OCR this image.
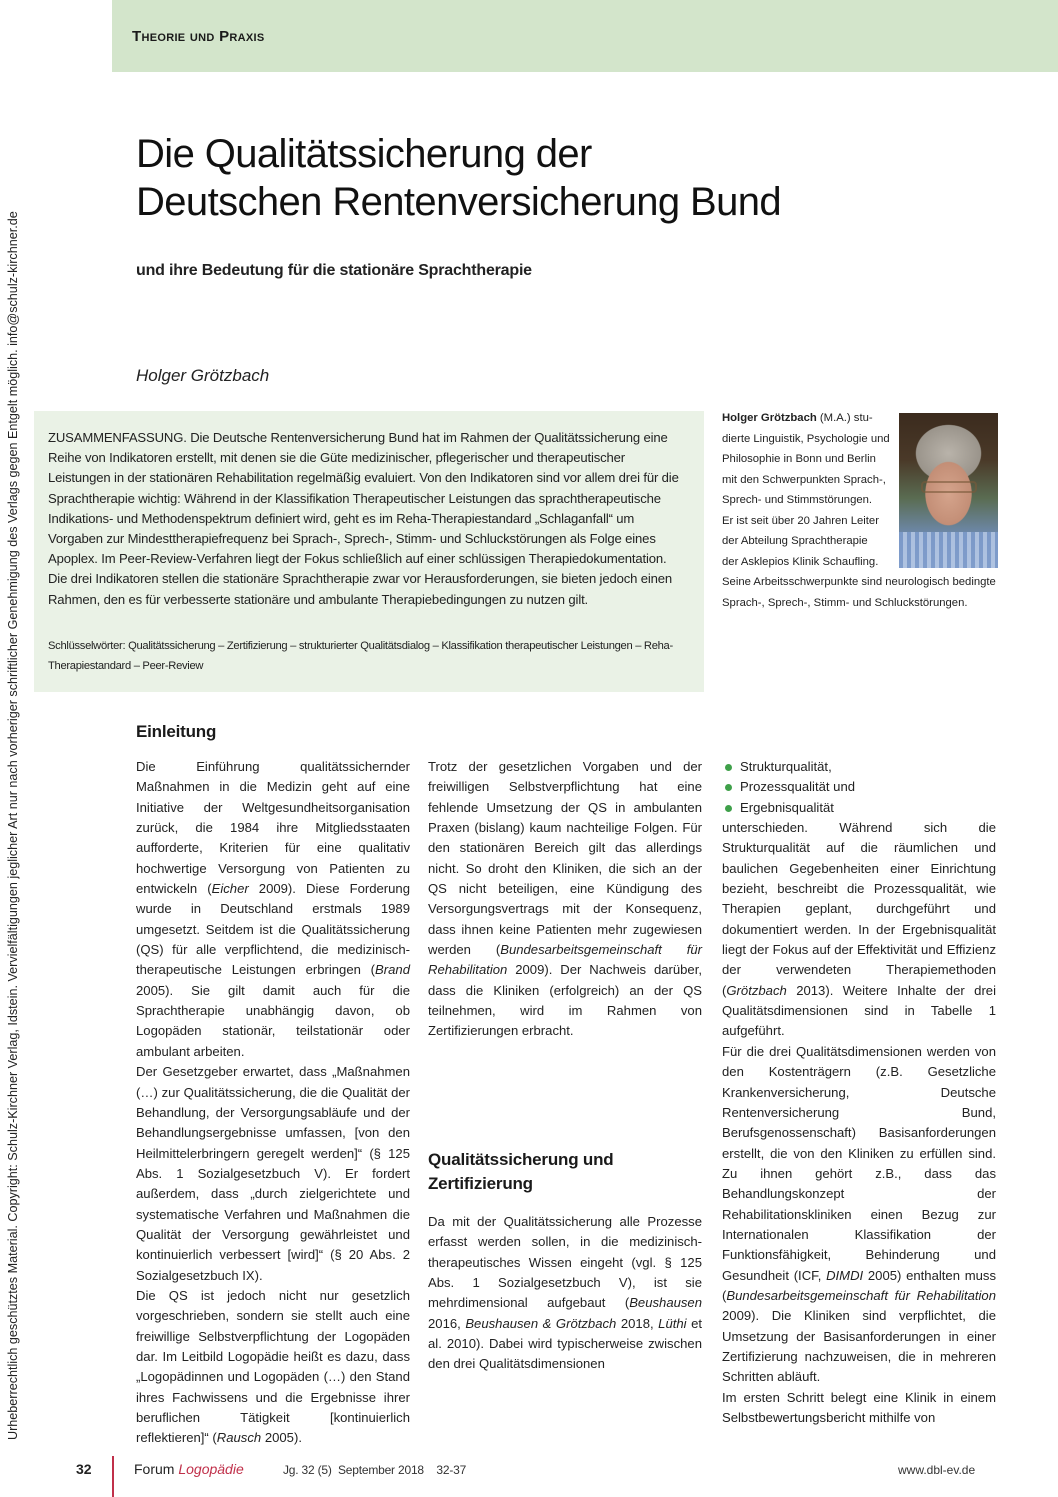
Theorie und Praxis
Urheberrechtlich geschütztes Material. Copyright: Schulz-Kirchner Verlag, Idstein. Vervielfältigungen jeglicher Art nur nach vorheriger schriftlicher Genehmigung des Verlags gegen Entgelt möglich. info@schulz-kirchner.de
Die Qualitätssicherung der
Deutschen Rentenversicherung Bund
und ihre Bedeutung für die stationäre Sprachtherapie
Holger Grötzbach
ZUSAMMENFASSUNG. Die Deutsche Rentenversicherung Bund hat im Rahmen der Qualitätssicherung eine Reihe von Indikatoren erstellt, mit denen sie die Güte medizinischer, pflegerischer und therapeutischer Leistungen in der stationären Rehabilitation regelmäßig evaluiert. Von den Indikatoren sind vor allem drei für die Sprachtherapie wichtig: Während in der Klassifikation Therapeutischer Leistungen das sprachtherapeutische Indikations- und Methodenspektrum definiert wird, geht es im Reha-Therapiestandard „Schlaganfall“ um Vorgaben zur Mindesttherapiefrequenz bei Sprach-, Sprech-, Stimm- und Schluckstörungen als Folge eines Apoplex. Im Peer-Review-Verfahren liegt der Fokus schließlich auf einer schlüssigen Therapiedokumentation. Die drei Indikatoren stellen die stationäre Sprachtherapie zwar vor Herausforderungen, sie bieten jedoch einen Rahmen, den es für verbesserte stationäre und ambulante Therapiebedingungen zu nutzen gilt.
Schlüsselwörter: Qualitätssicherung – Zertifizierung – strukturierter Qualitätsdialog – Klassifikation therapeutischer Leistungen – Reha-Therapiestandard – Peer-Review
Holger Grötzbach (M.A.) stu-
dierte Linguistik, Psychologie und
Philosophie in Bonn und Berlin
mit den Schwerpunkten Sprach-,
Sprech- und Stimmstörungen.
Er ist seit über 20 Jahren Leiter
der Abteilung Sprachtherapie
der Asklepios Klinik Schaufling.
Seine Arbeitsschwerpunkte sind neurologisch bedingte
Sprach-, Sprech-, Stimm- und Schluckstörungen.
Einleitung

Die Einführung qualitätssichernder Maßnahmen in die Medizin geht auf eine Initiative der Weltgesundheitsorganisation zurück, die 1984 ihre Mitgliedsstaaten aufforderte, Kriterien für eine qualitativ hochwertige Versorgung von Patienten zu entwickeln (Eicher 2009). Diese Forderung wurde in Deutschland erstmals 1989 umgesetzt. Seitdem ist die Qualitätssicherung (QS) für alle verpflichtend, die medizinisch-therapeutische Leistungen erbringen (Brand 2005). Sie gilt damit auch für die Sprachtherapie unabhängig davon, ob Logopäden stationär, teilstationär oder ambulant arbeiten.

Der Gesetzgeber erwartet, dass „Maßnahmen (…) zur Qualitätssicherung, die die Qualität der Behandlung, der Versorgungsabläufe und der Behandlungsergebnisse umfassen, [von den Heilmittelerbringern geregelt werden]“ (§ 125 Abs. 1 Sozialgesetzbuch V). Er fordert außerdem, dass „durch zielgerichtete und systematische Verfahren und Maßnahmen die Qualität der Versorgung gewährleistet und kontinuierlich verbessert [wird]“ (§ 20 Abs. 2 Sozialgesetzbuch IX).

Die QS ist jedoch nicht nur gesetzlich vorgeschrieben, sondern sie stellt auch eine freiwillige Selbstverpflichtung der Logopäden dar. Im Leitbild Logopädie heißt es dazu, dass „Logopädinnen und Logopäden (…) den Stand ihres Fachwissens und die Ergebnisse ihrer beruflichen Tätigkeit [kontinuierlich reflektieren]“ (Rausch 2005).

Trotz der gesetzlichen Vorgaben und der freiwilligen Selbstverpflichtung hat eine fehlende Umsetzung der QS in ambulanten Praxen (bislang) kaum nachteilige Folgen. Für den stationären Bereich gilt das allerdings nicht. So droht den Kliniken, die sich an der QS nicht beteiligen, eine Kündigung des Versorgungsvertrags mit der Konsequenz, dass ihnen keine Patienten mehr zugewiesen werden (Bundesarbeitsgemeinschaft für Rehabilitation 2009). Der Nachweis darüber, dass die Kliniken (erfolgreich) an der QS teilnehmen, wird im Rahmen von Zertifizierungen erbracht.

Qualitätssicherung und
Zertifizierung

Da mit der Qualitätssicherung alle Prozesse erfasst werden sollen, in die medizinisch-therapeutisches Wissen eingeht (vgl. § 125 Abs. 1 Sozialgesetzbuch V), ist sie mehrdimensional aufgebaut (Beushausen 2016, Beushausen & Grötzbach 2018, Lüthi et al. 2010). Dabei wird typischerweise zwischen den drei Qualitätsdimensionen

Strukturqualität,
Prozessqualität und
Ergebnisqualität

unterschieden. Während sich die Strukturqualität auf die räumlichen und baulichen Gegebenheiten einer Einrichtung bezieht, beschreibt die Prozessqualität, wie Therapien geplant, durchgeführt und dokumentiert werden. In der Ergebnisqualität liegt der Fokus auf der Effektivität und Effizienz der verwendeten Therapiemethoden (Grötzbach 2013). Weitere Inhalte der drei Qualitätsdimensionen sind in Tabelle 1 aufgeführt.

Für die drei Qualitätsdimensionen werden von den Kostenträgern (z.B. Gesetzliche Krankenversicherung, Deutsche Rentenversicherung Bund, Berufsgenossenschaft) Basisanforderungen erstellt, die von den Kliniken zu erfüllen sind. Zu ihnen gehört z.B., dass das Behandlungskonzept der Rehabilitationskliniken einen Bezug zur Internationalen Klassifikation der Funktionsfähigkeit, Behinderung und Gesundheit (ICF, DIMDI 2005) enthalten muss (Bundesarbeitsgemeinschaft für Rehabilitation 2009). Die Kliniken sind verpflichtet, die Umsetzung der Basisanforderungen in einer Zertifizierung nachzuweisen, die in mehreren Schritten abläuft.

Im ersten Schritt belegt eine Klinik in einem Selbstbewertungsbericht mithilfe von

32	Forum Logopädie	Jg. 32 (5)  September 2018    32-37	www.dbl-ev.de
